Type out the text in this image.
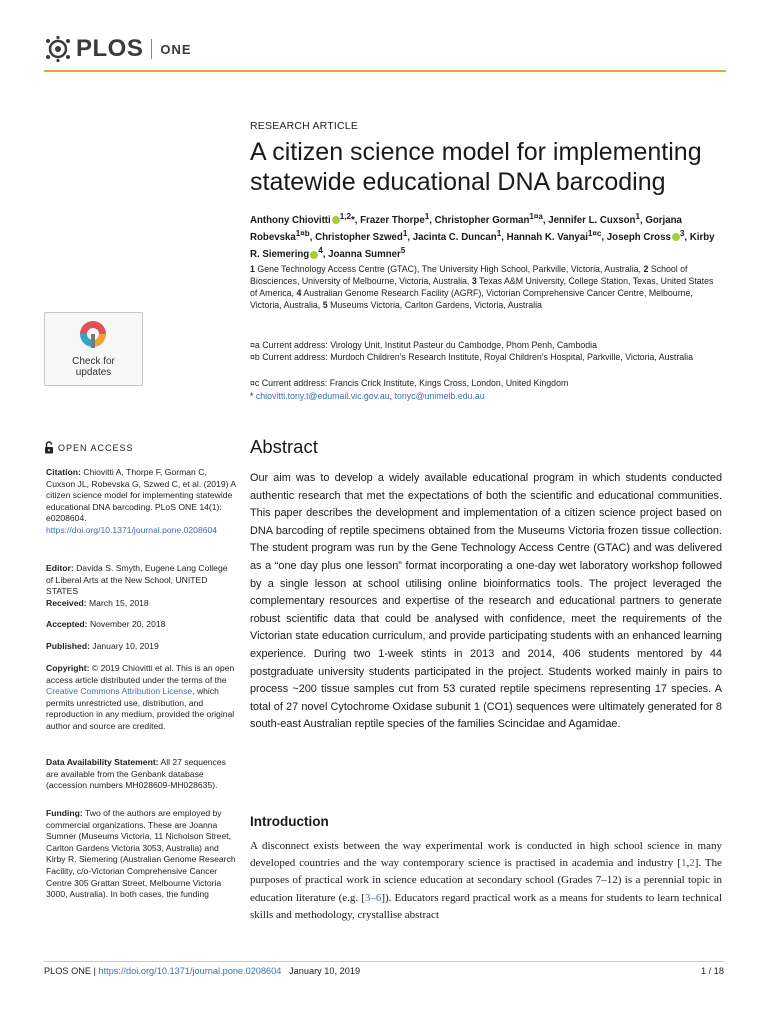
PLOS ONE
Check for
updates
OPEN ACCESS
Citation: Chiovitti A, Thorpe F, Gorman C, Cuxson JL, Robevska G, Szwed C, et al. (2019) A citizen science model for implementing statewide educational DNA barcoding. PLoS ONE 14(1): e0208604. https://doi.org/10.1371/journal.pone.0208604
Editor: Davida S. Smyth, Eugene Lang College of Liberal Arts at the New School, UNITED STATES
Received: March 15, 2018
Accepted: November 20, 2018
Published: January 10, 2019
Copyright: © 2019 Chiovitti et al. This is an open access article distributed under the terms of the Creative Commons Attribution License, which permits unrestricted use, distribution, and reproduction in any medium, provided the original author and source are credited.
Data Availability Statement: All 27 sequences are available from the Genbank database (accession numbers MH028609-MH028635).
Funding: Two of the authors are employed by commercial organizations. These are Joanna Sumner (Museums Victoria, 11 Nicholson Street, Carlton Gardens Victoria 3053, Australia) and Kirby R. Siemering (Australian Genome Research Facility, c/o-Victorian Comprehensive Cancer Centre 305 Grattan Street, Melbourne Victoria 3000, Australia). In both cases, the funding
RESEARCH ARTICLE
A citizen science model for implementing statewide educational DNA barcoding
Anthony Chiovitti $^{1,2}$*, Frazer Thorpe$^1$, Christopher Gorman$^{1¤a}$, Jennifer L. Cuxson$^1$, Gorjana Robevska$^{1¤b}$, Christopher Szwed$^1$, Jacinta C. Duncan$^1$, Hannah K. Vanyai$^{1¤c}$, Joseph Cross $^3$, Kirby R. Siemering $^4$, Joanna Sumner$^5$
1 Gene Technology Access Centre (GTAC), The University High School, Parkville, Victoria, Australia, 2 School of Biosciences, University of Melbourne, Victoria, Australia, 3 Texas A&M University, College Station, Texas, United States of America, 4 Australian Genome Research Facility (AGRF), Victorian Comprehensive Cancer Centre, Melbourne, Victoria, Australia, 5 Museums Victoria, Carlton Gardens, Victoria, Australia
¤a Current address: Virology Unit, Institut Pasteur du Cambodge, Phom Penh, Cambodia
¤b Current address: Murdoch Children’s Research Institute, Royal Children’s Hospital, Parkville, Victoria, Australia
¤c Current address: Francis Crick Institute, Kings Cross, London, United Kingdom
* chiovitti.tony.t@edumail.vic.gov.au, tonyc@unimelb.edu.au
Abstract
Our aim was to develop a widely available educational program in which students conducted authentic research that met the expectations of both the scientific and educational communities. This paper describes the development and implementation of a citizen science project based on DNA barcoding of reptile specimens obtained from the Museums Victoria frozen tissue collection. The student program was run by the Gene Technology Access Centre (GTAC) and was delivered as a “one day plus one lesson” format incorporating a one-day wet laboratory workshop followed by a single lesson at school utilising online bioinformatics tools. The project leveraged the complementary resources and expertise of the research and educational partners to generate robust scientific data that could be analysed with confidence, meet the requirements of the Victorian state education curriculum, and provide participating students with an enhanced learning experience. During two 1-week stints in 2013 and 2014, 406 students mentored by 44 postgraduate university students participated in the project. Students worked mainly in pairs to process ~200 tissue samples cut from 53 curated reptile specimens representing 17 species. A total of 27 novel Cytochrome Oxidase subunit 1 (CO1) sequences were ultimately generated for 8 south-east Australian reptile species of the families Scincidae and Agamidae.
Introduction
A disconnect exists between the way experimental work is conducted in high school science in many developed countries and the way contemporary science is practised in academia and industry [1,2]. The purposes of practical work in science education at secondary school (Grades 7–12) is a perennial topic in education literature (e.g. [3–6]). Educators regard practical work as a means for students to learn technical skills and methodology, crystallise abstract
PLOS ONE | https://doi.org/10.1371/journal.pone.0208604 January 10, 2019	1 / 18
